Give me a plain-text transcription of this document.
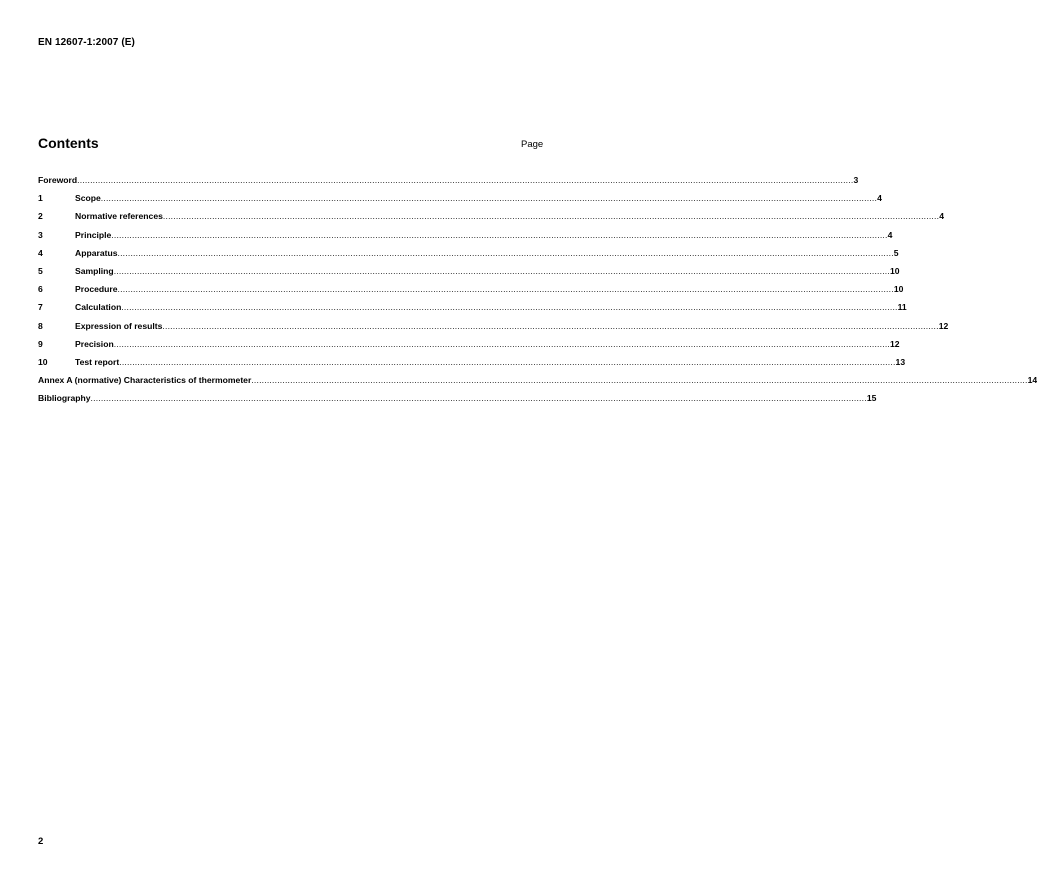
EN 12607-1:2007 (E)
Contents	Page
Foreword ............................................................................................................................................................................................................................................................................................................ 3
1	Scope ............................................................................................................................................................................................................................................................................................................ 4
2	Normative references ............................................................................................................................................................................................................................................................................................................ 4
3	Principle ............................................................................................................................................................................................................................................................................................................ 4
4	Apparatus ............................................................................................................................................................................................................................................................................................................ 5
5	Sampling ............................................................................................................................................................................................................................................................................................................ 10
6	Procedure ............................................................................................................................................................................................................................................................................................................ 10
7	Calculation ............................................................................................................................................................................................................................................................................................................ 11
8	Expression of results ............................................................................................................................................................................................................................................................................................................ 12
9	Precision ............................................................................................................................................................................................................................................................................................................ 12
10	Test report ............................................................................................................................................................................................................................................................................................................ 13
Annex A (normative) Characteristics of thermometer ............................................................................................................................................................................................................................................................................................................ 14
Bibliography ............................................................................................................................................................................................................................................................................................................ 15
2
